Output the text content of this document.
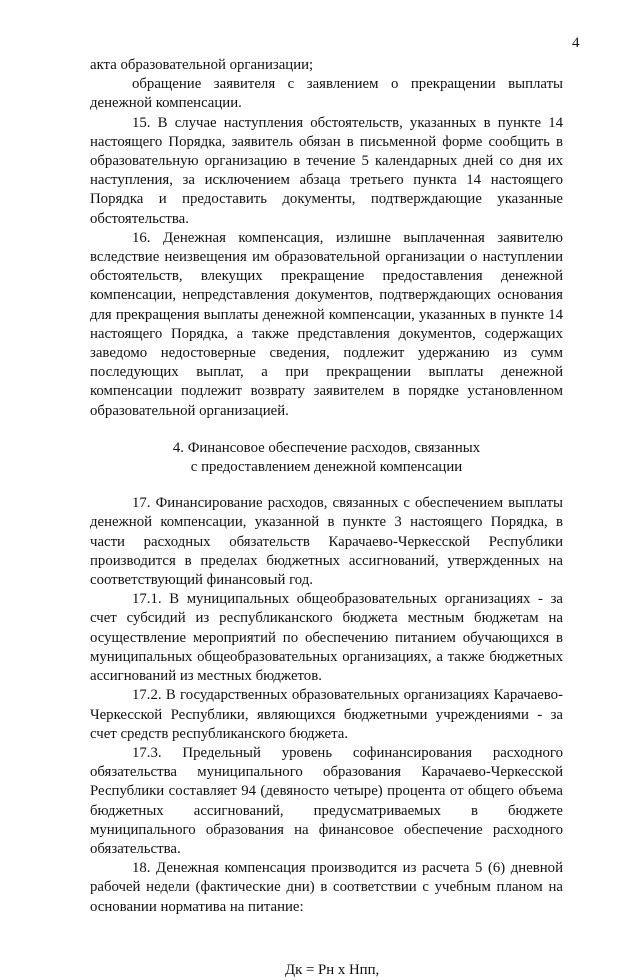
4

акта образовательной организации;

обращение заявителя с заявлением о прекращении выплаты денежной компенсации.

15. В случае наступления обстоятельств, указанных в пункте 14 настоящего Порядка, заявитель обязан в письменной форме сообщить в образовательную организацию в течение 5 календарных дней со дня их наступления, за исключением абзаца третьего пункта 14 настоящего Порядка и предоставить документы, подтверждающие указанные обстоятельства.

16. Денежная компенсация, излишне выплаченная заявителю вследствие неизвещения им образовательной организации о наступлении обстоятельств, влекущих прекращение предоставления денежной компенсации, непредставления документов, подтверждающих основания для прекращения выплаты денежной компенсации, указанных в пункте 14 настоящего Порядка, а также представления документов, содержащих заведомо недостоверные сведения, подлежит удержанию из сумм последующих выплат, а при прекращении выплаты денежной компенсации подлежит возврату заявителем в порядке установленном образовательной организацией.

4. Финансовое обеспечение расходов, связанных
с предоставлением денежной компенсации

17. Финансирование расходов, связанных с обеспечением выплаты денежной компенсации, указанной в пункте 3 настоящего Порядка, в части расходных обязательств Карачаево-Черкесской Республики производится в пределах бюджетных ассигнований, утвержденных на соответствующий финансовый год.

17.1. В муниципальных общеобразовательных организациях - за счет субсидий из республиканского бюджета местным бюджетам на осуществление мероприятий по обеспечению питанием обучающихся в муниципальных общеобразовательных организациях, а также бюджетных ассигнований из местных бюджетов.

17.2. В государственных образовательных организациях Карачаево-Черкесской Республики, являющихся бюджетными учреждениями - за счет средств республиканского бюджета.

17.3. Предельный уровень софинансирования расходного обязательства муниципального образования Карачаево-Черкесской Республики составляет 94 (девяносто четыре) процента от общего объема бюджетных ассигнований, предусматриваемых в бюджете муниципального образования на финансовое обеспечение расходного обязательства.

18. Денежная компенсация производится из расчета 5 (6) дневной рабочей недели (фактические дни) в соответствии с учебным планом на основании норматива на питание:

Дк = Рн х Нпп,
